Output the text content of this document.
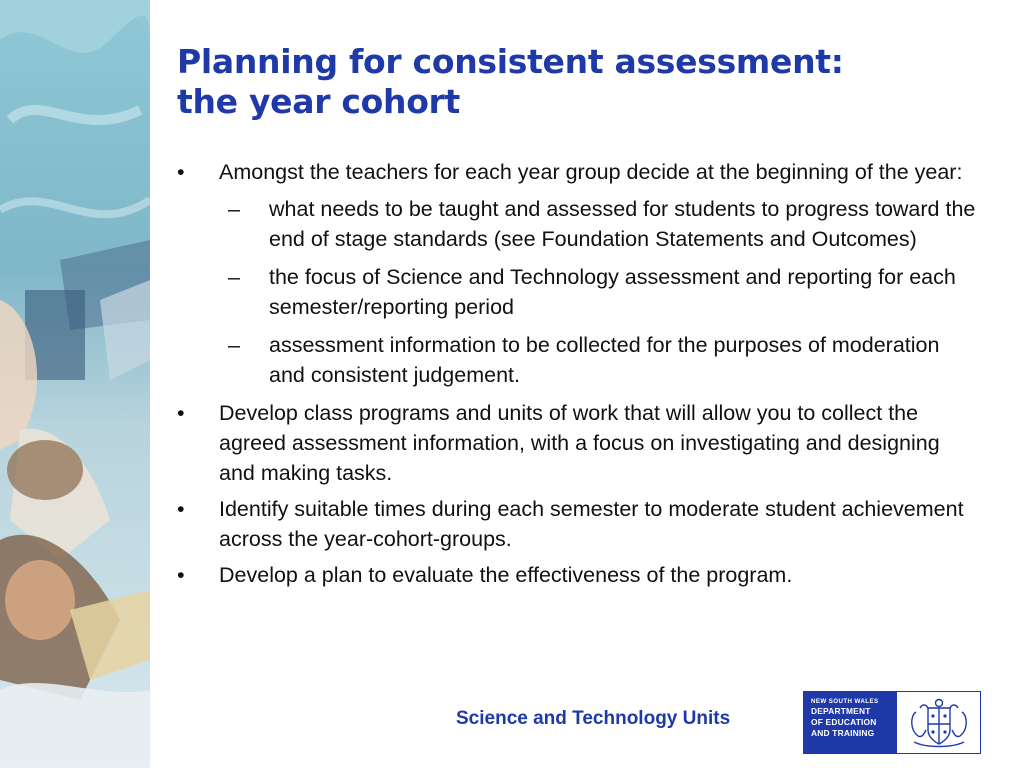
Planning for consistent assessment:
the year cohort
• Amongst the teachers for each year group decide at the beginning of the year:
– what needs to be taught and assessed for students to progress toward the end of stage standards (see Foundation Statements and Outcomes)
– the focus of Science and Technology assessment and reporting for each semester/reporting period
– assessment information to be collected for the purposes of moderation and consistent judgement.
• Develop class programs and units of work that will allow you to collect the agreed assessment information, with a focus on investigating and designing and making tasks.
• Identify suitable times during each semester to moderate student achievement across the year-cohort-groups.
• Develop a plan to evaluate the effectiveness of the program.
Science and Technology Units
NEW SOUTH WALES
DEPARTMENT
OF EDUCATION
AND TRAINING
